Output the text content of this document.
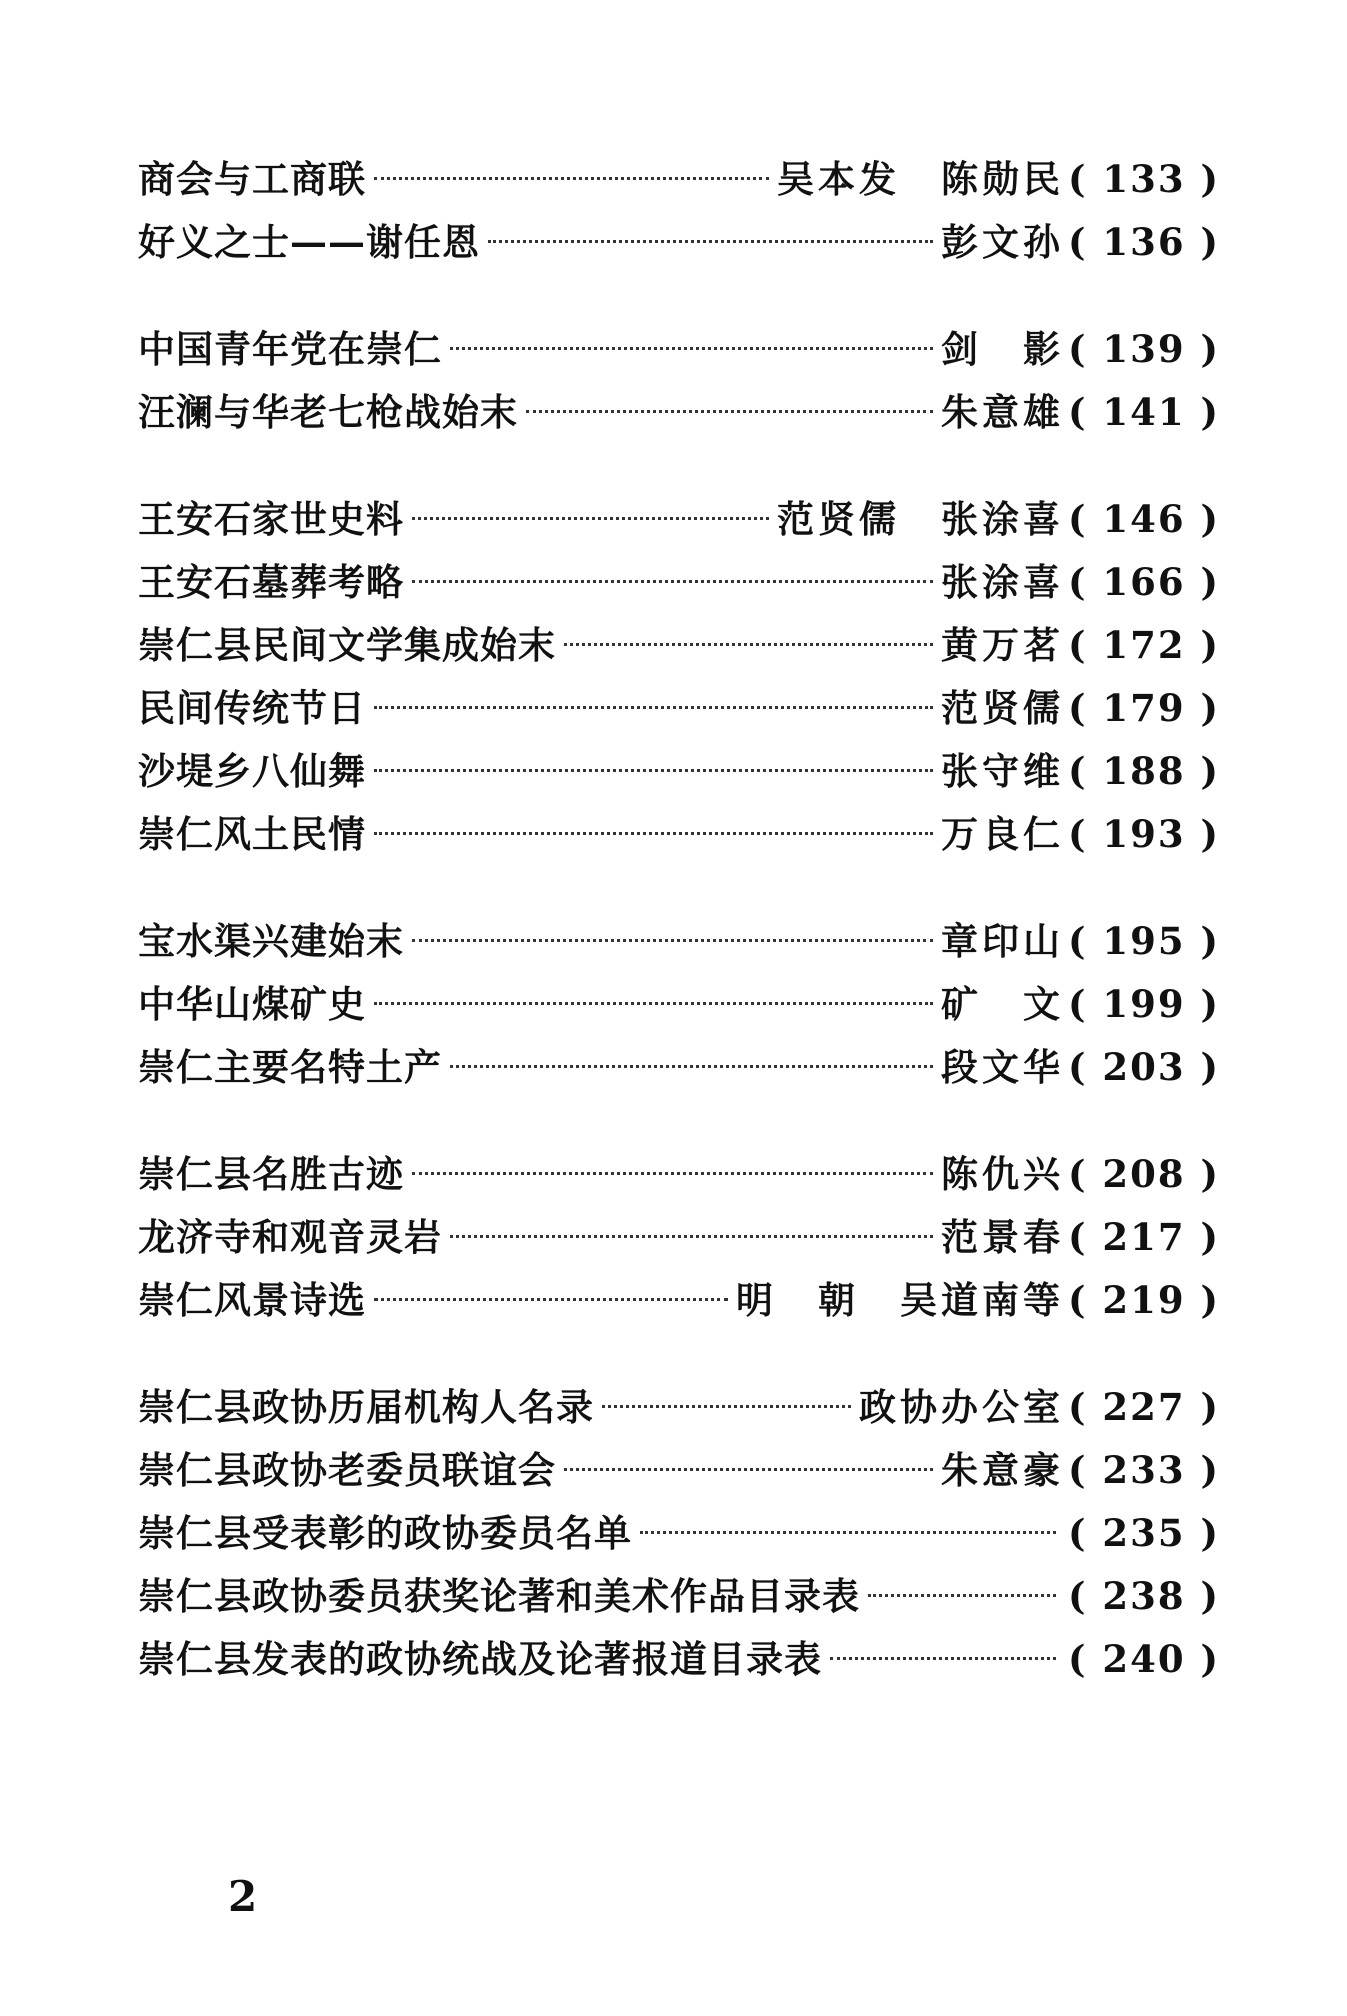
商会与工商联	吴本发　陈勋民 ( 133 )
好义之士——谢任恩	彭文孙 ( 136 )
中国青年党在崇仁	剑　影 ( 139 )
汪澜与华老七枪战始末	朱意雄 ( 141 )
王安石家世史料	范贤儒　张涂喜 ( 146 )
王安石墓葬考略	张涂喜 ( 166 )
崇仁县民间文学集成始末	黄万茗 ( 172 )
民间传统节日	范贤儒 ( 179 )
沙堤乡八仙舞	张守维 ( 188 )
崇仁风土民情	万良仁 ( 193 )
宝水渠兴建始末	章印山 ( 195 )
中华山煤矿史	矿　文 ( 199 )
崇仁主要名特土产	段文华 ( 203 )
崇仁县名胜古迹	陈仇兴 ( 208 )
龙济寺和观音灵岩	范景春 ( 217 )
崇仁风景诗选	明　朝　吴道南等 ( 219 )
崇仁县政协历届机构人名录	政协办公室 ( 227 )
崇仁县政协老委员联谊会	朱意豪 ( 233 )
崇仁县受表彰的政协委员名单	( 235 )
崇仁县政协委员获奖论著和美术作品目录表	( 238 )
崇仁县发表的政协统战及论著报道目录表	( 240 )
2
